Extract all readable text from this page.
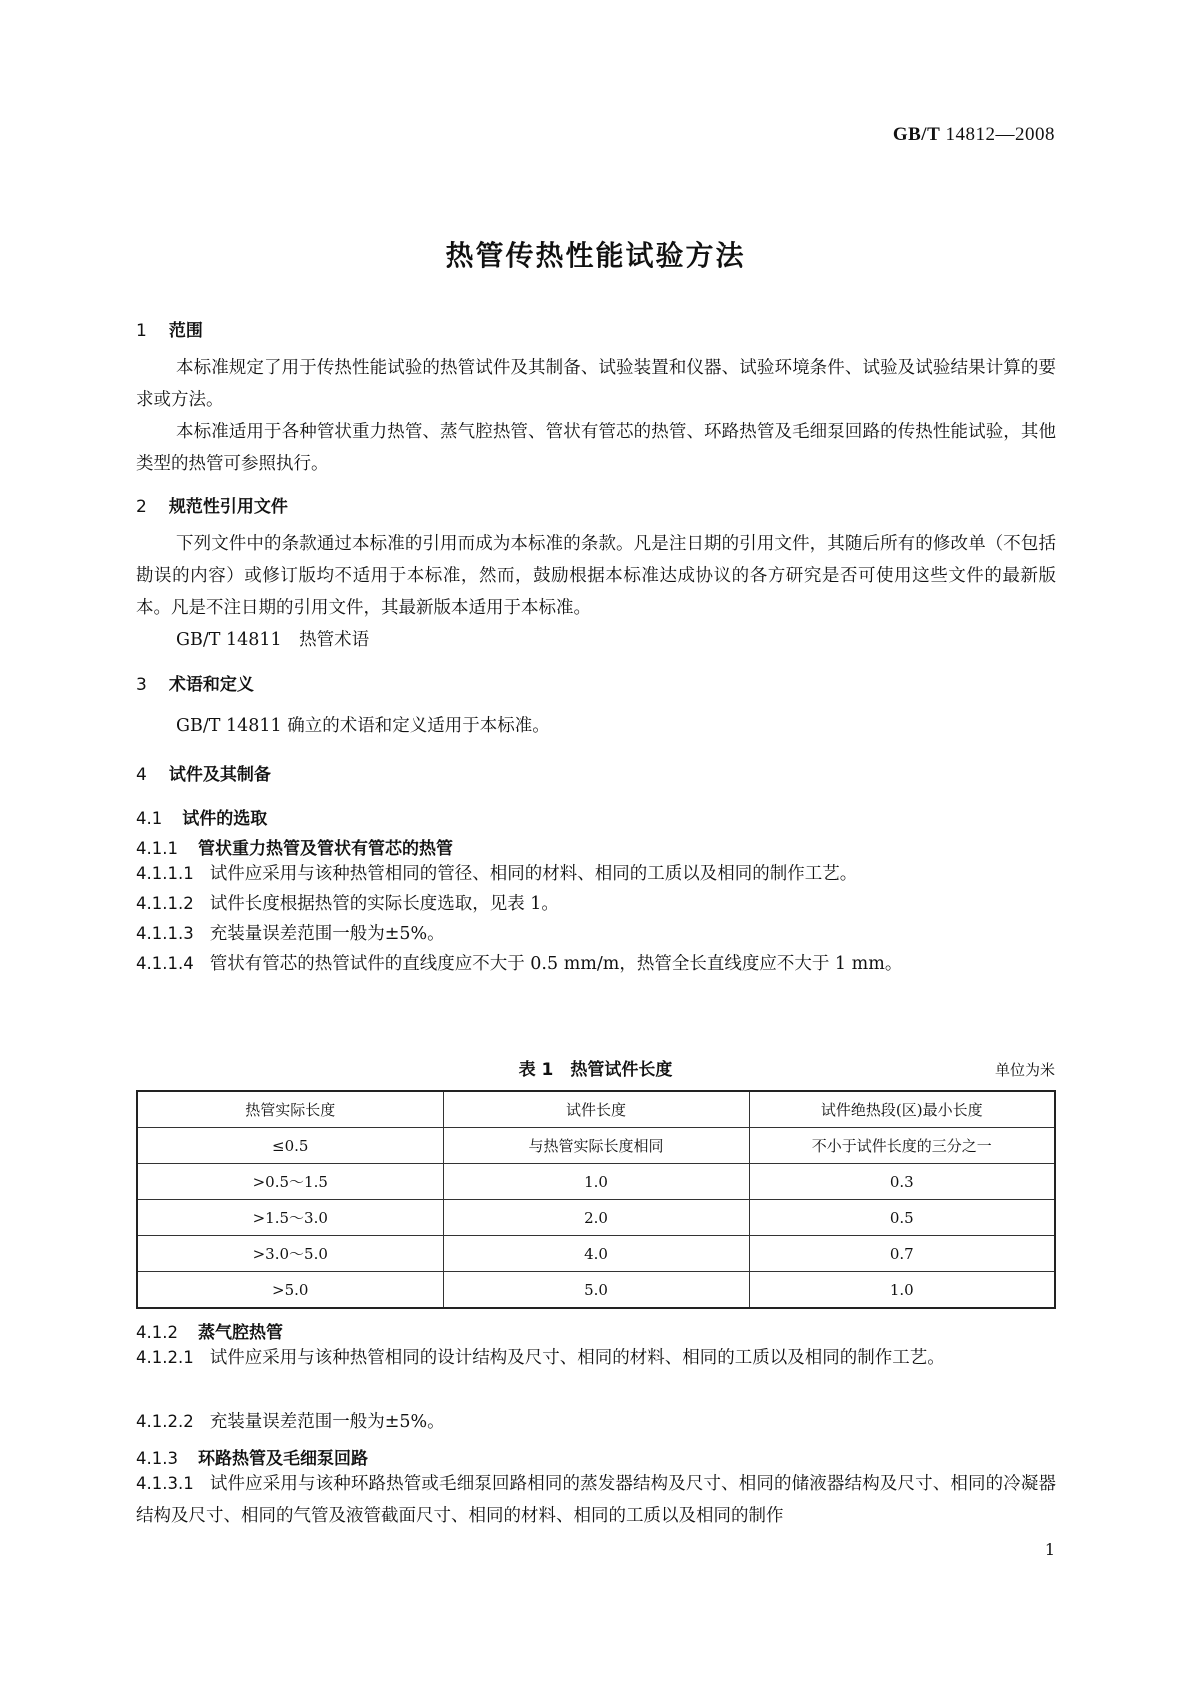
GB/T 14812—2008
热管传热性能试验方法
1 范围
本标准规定了用于传热性能试验的热管试件及其制备、试验装置和仪器、试验环境条件、试验及试验结果计算的要求或方法。
本标准适用于各种管状重力热管、蒸气腔热管、管状有管芯的热管、环路热管及毛细泵回路的传热性能试验，其他类型的热管可参照执行。
2 规范性引用文件
下列文件中的条款通过本标准的引用而成为本标准的条款。凡是注日期的引用文件，其随后所有的修改单（不包括勘误的内容）或修订版均不适用于本标准，然而，鼓励根据本标准达成协议的各方研究是否可使用这些文件的最新版本。凡是不注日期的引用文件，其最新版本适用于本标准。
GB/T 14811　热管术语
3 术语和定义
GB/T 14811 确立的术语和定义适用于本标准。
4 试件及其制备
4.1 试件的选取
4.1.1 管状重力热管及管状有管芯的热管
4.1.1.1 试件应采用与该种热管相同的管径、相同的材料、相同的工质以及相同的制作工艺。
4.1.1.2 试件长度根据热管的实际长度选取，见表 1。
4.1.1.3 充装量误差范围一般为±5%。
4.1.1.4 管状有管芯的热管试件的直线度应不大于 0.5 mm/m，热管全长直线度应不大于 1 mm。
表 1　热管试件长度	单位为米
热管实际长度	试件长度	试件绝热段(区)最小长度
≤0.5	与热管实际长度相同	不小于试件长度的三分之一
>0.5～1.5	1.0	0.3
>1.5～3.0	2.0	0.5
>3.0～5.0	4.0	0.7
>5.0	5.0	1.0
4.1.2 蒸气腔热管
4.1.2.1 试件应采用与该种热管相同的设计结构及尺寸、相同的材料、相同的工质以及相同的制作工艺。
4.1.2.2 充装量误差范围一般为±5%。
4.1.3 环路热管及毛细泵回路
4.1.3.1 试件应采用与该种环路热管或毛细泵回路相同的蒸发器结构及尺寸、相同的储液器结构及尺寸、相同的冷凝器结构及尺寸、相同的气管及液管截面尺寸、相同的材料、相同的工质以及相同的制作
1
